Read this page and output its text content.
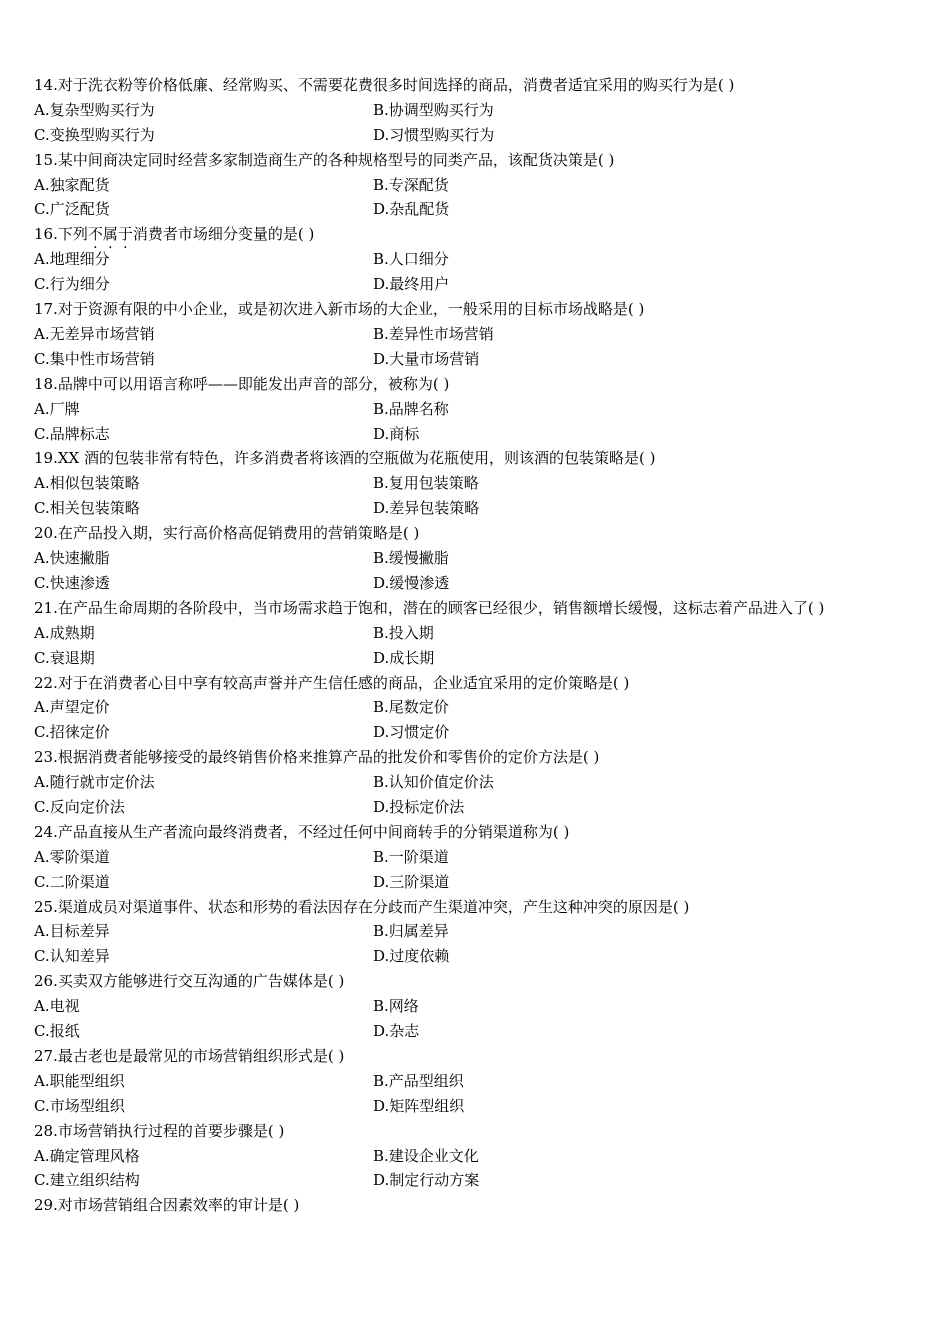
14.对于洗衣粉等价格低廉、经常购买、不需要花费很多时间选择的商品，消费者适宜采用的购买行为是( )
A.复杂型购买行为	B.协调型购买行为
C.变换型购买行为	D.习惯型购买行为
15.某中间商决定同时经营多家制造商生产的各种规格型号的同类产品，该配货决策是( )
A.独家配货	B.专深配货
C.广泛配货	D.杂乱配货
16.下列不属于消费者市场细分变量的是( )
A.地理细分	B.人口细分
C.行为细分	D.最终用户
17.对于资源有限的中小企业，或是初次进入新市场的大企业，一般采用的目标市场战略是( )
A.无差异市场营销	B.差异性市场营销
C.集中性市场营销	D.大量市场营销
18.品牌中可以用语言称呼——即能发出声音的部分，被称为( )
A.厂牌	B.品牌名称
C.品牌标志	D.商标
19.XX 酒的包装非常有特色，许多消费者将该酒的空瓶做为花瓶使用，则该酒的包装策略是( )
A.相似包装策略	B.复用包装策略
C.相关包装策略	D.差异包装策略
20.在产品投入期，实行高价格高促销费用的营销策略是( )
A.快速撇脂	B.缓慢撇脂
C.快速渗透	D.缓慢渗透
21.在产品生命周期的各阶段中，当市场需求趋于饱和，潜在的顾客已经很少，销售额增长缓慢，这标志着产品进入了( )
A.成熟期	B.投入期
C.衰退期	D.成长期
22.对于在消费者心目中享有较高声誉并产生信任感的商品，企业适宜采用的定价策略是( )
A.声望定价	B.尾数定价
C.招徕定价	D.习惯定价
23.根据消费者能够接受的最终销售价格来推算产品的批发价和零售价的定价方法是( )
A.随行就市定价法	B.认知价值定价法
C.反向定价法	D.投标定价法
24.产品直接从生产者流向最终消费者，不经过任何中间商转手的分销渠道称为( )
A.零阶渠道	B.一阶渠道
C.二阶渠道	D.三阶渠道
25.渠道成员对渠道事件、状态和形势的看法因存在分歧而产生渠道冲突，产生这种冲突的原因是( )
A.目标差异	B.归属差异
C.认知差异	D.过度依赖
26.买卖双方能够进行交互沟通的广告媒体是( )
A.电视	B.网络
C.报纸	D.杂志
27.最古老也是最常见的市场营销组织形式是( )
A.职能型组织	B.产品型组织
C.市场型组织	D.矩阵型组织
28.市场营销执行过程的首要步骤是( )
A.确定管理风格	B.建设企业文化
C.建立组织结构	D.制定行动方案
29.对市场营销组合因素效率的审计是( )
